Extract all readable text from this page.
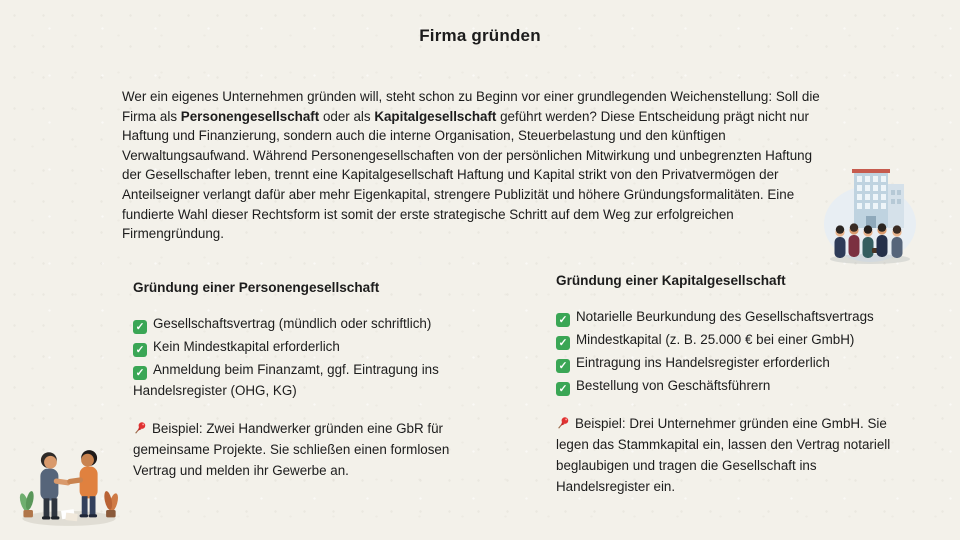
Firma gründen

Wer ein eigenes Unternehmen gründen will, steht schon zu Beginn vor einer grundlegenden Weichenstellung: Soll die Firma als Personengesellschaft oder als Kapitalgesellschaft geführt werden? Diese Entscheidung prägt nicht nur Haftung und Finanzierung, sondern auch die interne Organisation, Steuerbelastung und den künftigen Verwaltungsaufwand. Während Personengesellschaften von der persönlichen Mitwirkung und unbegrenzten Haftung der Gesellschafter leben, trennt eine Kapitalgesellschaft Haftung und Kapital strikt von den Privatvermögen der Anteilseigner verlangt dafür aber mehr Eigenkapital, strengere Publizität und höhere Gründungsformalitäten. Eine fundierte Wahl dieser Rechtsform ist somit der erste strategische Schritt auf dem Weg zur erfolgreichen Firmengründung.

Gründung einer Personengesellschaft
✓ Gesellschaftsvertrag (mündlich oder schriftlich)
✓ Kein Mindestkapital erforderlich
✓ Anmeldung beim Finanzamt, ggf. Eintragung ins Handelsregister (OHG, KG)
Beispiel: Zwei Handwerker gründen eine GbR für gemeinsame Projekte. Sie schließen einen formlosen Vertrag und melden ihr Gewerbe an.
Gründung einer Kapitalgesellschaft
✓ Notarielle Beurkundung des Gesellschaftsvertrags
✓ Mindestkapital (z. B. 25.000 € bei einer GmbH)
✓ Eintragung ins Handelsregister erforderlich
✓ Bestellung von Geschäftsführern
Beispiel: Drei Unternehmer gründen eine GmbH. Sie legen das Stammkapital ein, lassen den Vertrag notariell beglaubigen und tragen die Gesellschaft ins Handelsregister ein.
